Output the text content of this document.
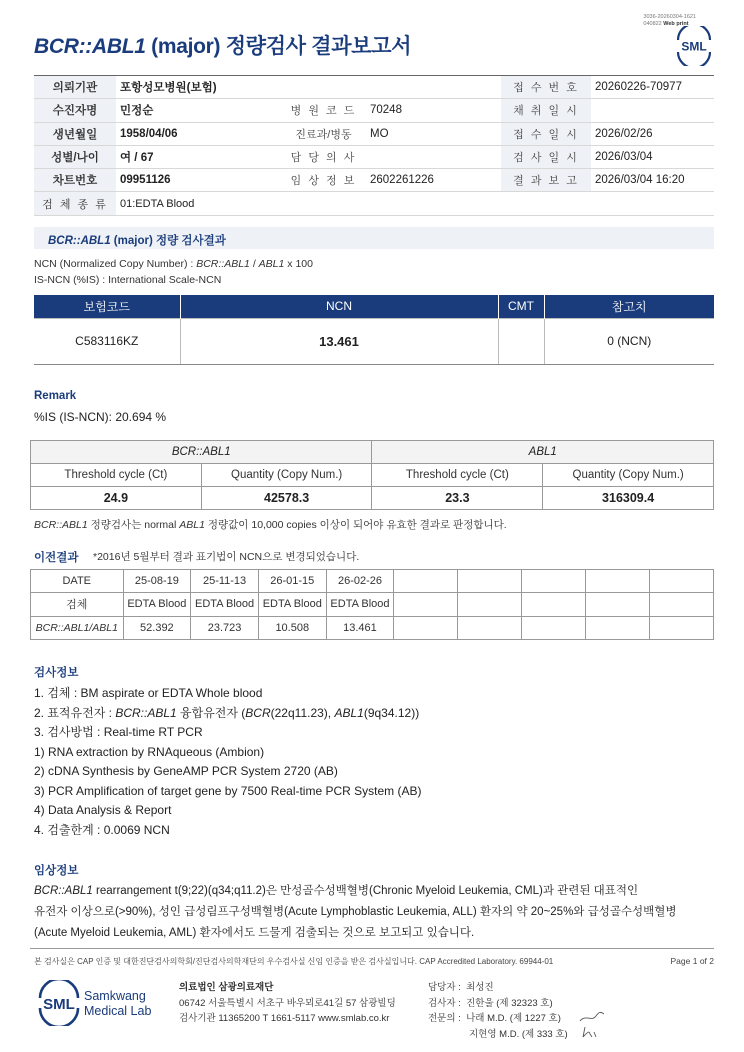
3036-20260304-1621
040822 Web print
BCR::ABL1 (major) 정량검사 결과보고서	SML
의뢰기관	포항성모병원(보험)			접 수 번 호	20260226-70977
수진자명	민정순	병 원 코 드	70248	채 취 일 시	
생년월일	1958/04/06	진료과/병동	MO	접 수 일 시	2026/02/26
성별/나이	여 / 67	담 당 의 사		검 사 일 시	2026/03/04
차트번호	09951126	임 상 정 보	2602261226	결 과 보 고	2026/03/04 16:20
검 체 종 류	01:EDTA Blood				
BCR::ABL1 (major) 정량 검사결과
NCN (Normalized Copy Number) : BCR::ABL1 / ABL1 x 100
IS-NCN (%IS) : International Scale-NCN
보험코드	NCN	CMT	참고치
C583116KZ	13.461		0 (NCN)
Remark
%IS (IS-NCN): 20.694 %
BCR::ABL1		ABL1	
Threshold cycle (Ct)	Quantity (Copy Num.)	Threshold cycle (Ct)	Quantity (Copy Num.)
24.9	42578.3	23.3	316309.4
BCR::ABL1 정량검사는 normal ABL1 정량값이 10,000 copies 이상이 되어야 유효한 결과로 판정합니다.
이전결과 *2016년 5월부터 결과 표기법이 NCN으로 변경되었습니다.
DATE	25-08-19	25-11-13	26-01-15	26-02-26					
검체	EDTA Blood	EDTA Blood	EDTA Blood	EDTA Blood					
BCR::ABL1/ABL1	52.392	23.723	10.508	13.461					
검사정보
1. 검체 : BM aspirate or EDTA Whole blood
2. 표적유전자 : BCR::ABL1 융합유전자 (BCR(22q11.23), ABL1(9q34.12))
3. 검사방법 : Real-time RT PCR
1) RNA extraction by RNAqueous (Ambion)
2) cDNA Synthesis by GeneAMP PCR System 2720 (AB)
3) PCR Amplification of target gene by 7500 Real-time PCR System (AB)
4) Data Analysis & Report
4. 검출한계 : 0.0069 NCN
임상정보
BCR::ABL1 rearrangement t(9;22)(q34;q11.2)은 만성골수성백혈병(Chronic Myeloid Leukemia, CML)과 관련된 대표적인
유전자 이상으로(>90%), 성인 급성림프구성백혈병(Acute Lymphoblastic Leukemia, ALL) 환자의 약 20~25%와 급성골수성백혈병
(Acute Myeloid Leukemia, AML) 환자에서도 드물게 검출되는 것으로 보고되고 있습니다.
본 검사실은 CAP 인증 및 대한진단검사의학회/진단검사의학재단의 우수검사실 신임 인증을 받은 검사실입니다. CAP Accredited Laboratory. 69944-01	Page 1 of 2
SML Samkwang
Medical Lab
의료법인 삼광의료재단
06742 서울특별시 서초구 바우뫼로41길 57 삼광빌딩
검사기관 11365200 T 1661-5117 www.smlab.co.kr
담당자 : 최성진
검사자 : 진한울 (제 32323 호)
전문의 : 나래 M.D. (제 1227 호)
지현영 M.D. (제 333 호)
